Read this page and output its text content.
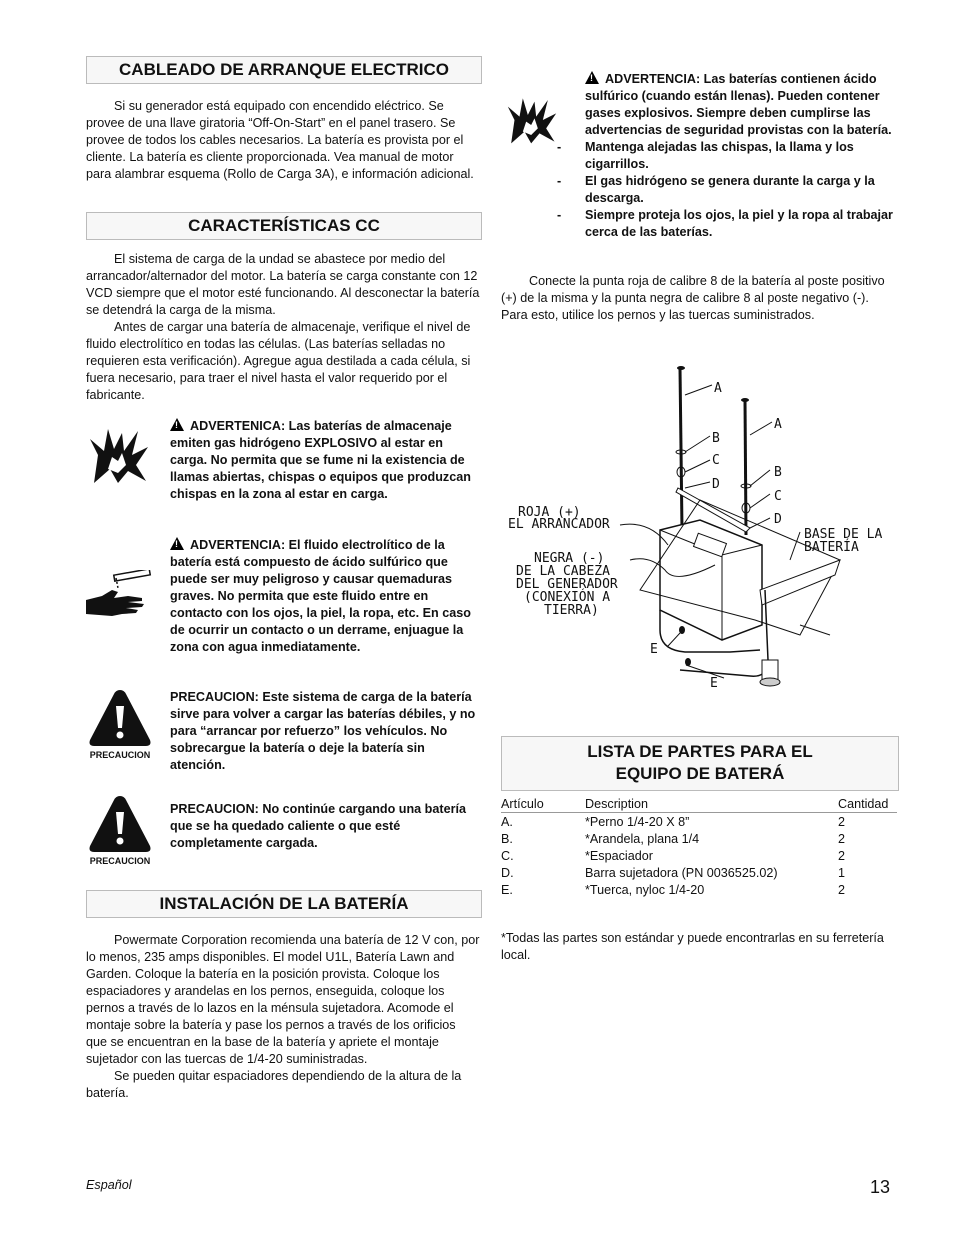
CABLEADO DE ARRANQUE ELECTRICO

Si su generador está equipado con encendido eléctrico. Se provee de una llave giratoria “Off-On-Start” en el panel trasero. Se provee de todos los cables necesarios. La batería es provista por el cliente. La batería es cliente proporcionada. Vea manual de motor para alambrar esquema (Rollo de Carga 3A), e información adicional.

CARACTERÍSTICAS CC

El sistema de carga de la undad se abastece por medio del arrancador/alternador del motor. La batería se carga constante con 12 VCD siempre que el motor esté funcionando. Al desconectar la batería se detendrá la carga de la misma.

Antes de cargar una batería de almacenaje, verifique el nivel de fluido electrolítico en todas las células. (Las baterías selladas no requieren esta verificación). Agregue agua destilada a cada célula, si fuera necesario, para traer el nivel hasta el valor requerido por el fabricante.

!ADVERTENICA: Las baterías de almacenaje emiten gas hidrógeno EXPLOSIVO al estar en carga. No permita que se fume ni la existencia de llamas abiertas, chispas o equipos que produzcan chispas en la zona al estar en carga.
!ADVERTENCIA: El fluido electrolítico de la batería está compuesto de ácido sulfúrico que puede ser muy peligroso y causar quemaduras graves. No permita que este fluido entre en contacto con los ojos, la piel, la ropa, etc. En caso de ocurrir un contacto o un derrame, enjuague la zona con agua inmediatamente.
PRECAUCION
PRECAUCION: Este sistema de carga de la batería sirve para volver a cargar las baterías débiles, y no para “arrancar por refuerzo” los vehículos. No sobrecargue la batería o deje la batería sin atención.
PRECAUCION
PRECAUCION: No continúe cargando una batería que se ha quedado caliente o que esté completamente cargada.
INSTALACIÓN DE LA BATERÍA

Powermate Corporation recomienda una batería de 12 V con, por lo menos, 235 amps disponibles. El model U1L, Batería Lawn and Garden. Coloque la batería en la posición provista. Coloque los espaciadores y arandelas en los pernos, enseguida, coloque los pernos a través de lo lazos en la ménsula sujetadora. Acomode el montaje sobre la batería y pase los pernos a través de los orificios que se encuentran en la base de la batería y apriete el montaje sujetador con las tuercas de 1/4-20 suministradas.

Se pueden quitar espaciadores dependiendo de la altura de la batería.

!ADVERTENCIA: Las baterías contienen ácido sulfúrico (cuando están llenas). Pueden contener gases explosivos. Siempre deben cumplirse las advertencias de seguridad provistas con la batería.
- Mantenga alejadas las chispas, la llama y los cigarrillos.
- El gas hidrógeno se genera durante la carga y la descarga.
- Siempre proteja los ojos, la piel y la ropa al trabajar cerca de las baterías.

Conecte la punta roja de calibre 8 de la batería al poste positivo (+) de la misma y la punta negra de calibre 8 al poste negativo (-). Para esto, utilice los pernos y las tuercas suministrados.

A
B
C
D
A
B
C
D
E
E
ROJA (+)
EL ARRANCADOR
NEGRA (-)
DE LA CABEZA
DEL GENERADOR
(CONEXIÓN A
TIERRA)
BASE DE LA
BATERÍA
LISTA DE PARTES PARA EL
EQUIPO DE BATERÁ
Artículo	Description	Cantidad
A.	*Perno 1/4-20 X 8”	2
B.	*Arandela, plana 1/4	2
C.	*Espaciador	2
D.	Barra sujetadora (PN 0036525.02)	1
E.	*Tuerca, nyloc 1/4-20	2
*Todas las partes son estándar y puede encontrarlas en su ferretería local.
Español	13
